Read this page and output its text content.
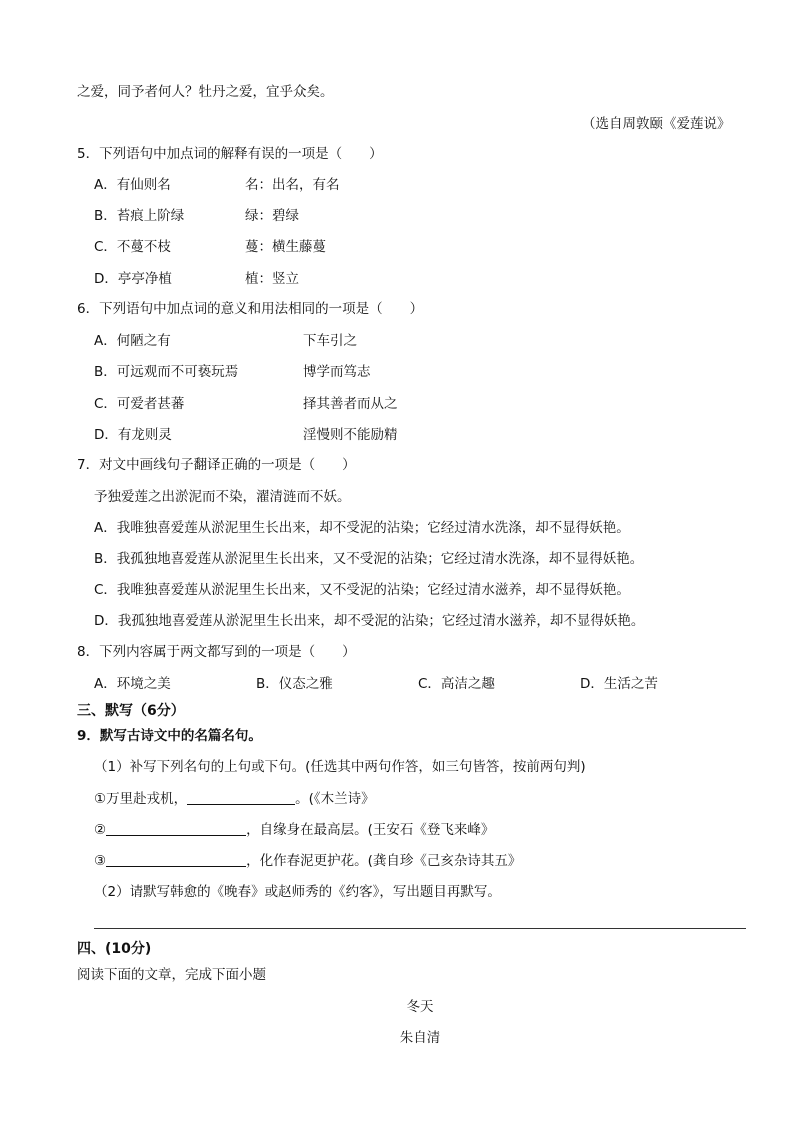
之爱，同予者何人？牡丹之爱，宜乎众矣。
（选自周敦颐《爱莲说》
5．下列语句中加点词的解释有误的一项是（　　）
A．有仙则名	名：出名，有名
B．苔痕上阶绿	绿：碧绿
C．不蔓不枝	蔓：横生藤蔓
D．亭亭净植	植：竖立
6．下列语句中加点词的意义和用法相同的一项是（　　）
A．何陋之有	下车引之
B．可远观而不可亵玩焉	博学而笃志
C．可爱者甚蕃	择其善者而从之
D．有龙则灵	淫慢则不能励精
7．对文中画线句子翻译正确的一项是（　　）
予独爱莲之出淤泥而不染，濯清涟而不妖。
A．我唯独喜爱莲从淤泥里生长出来，却不受泥的沾染；它经过清水洗涤，却不显得妖艳。
B．我孤独地喜爱莲从淤泥里生长出来，又不受泥的沾染；它经过清水洗涤，却不显得妖艳。
C．我唯独喜爱莲从淤泥里生长出来，又不受泥的沾染；它经过清水滋养，却不显得妖艳。
D．我孤独地喜爱莲从淤泥里生长出来，却不受泥的沾染；它经过清水滋养，却不显得妖艳。
8．下列内容属于两文都写到的一项是（　　）
A．环境之美	B．仪态之雅	C．高洁之趣	D．生活之苦
三、默写（6分）
9．默写古诗文中的名篇名句。
（1）补写下列名句的上句或下句。(任选其中两句作答，如三句皆答，按前两句判)
①万里赴戎机，	。(《木兰诗》
②	，自缘身在最高层。(王安石《登飞来峰》
③	，化作春泥更护花。(龚自珍《己亥杂诗其五》
（2）请默写韩愈的《晚春》或赵师秀的《约客》，写出题目再默写。
四、(10分)
阅读下面的文章，完成下面小题
冬天
朱自清
